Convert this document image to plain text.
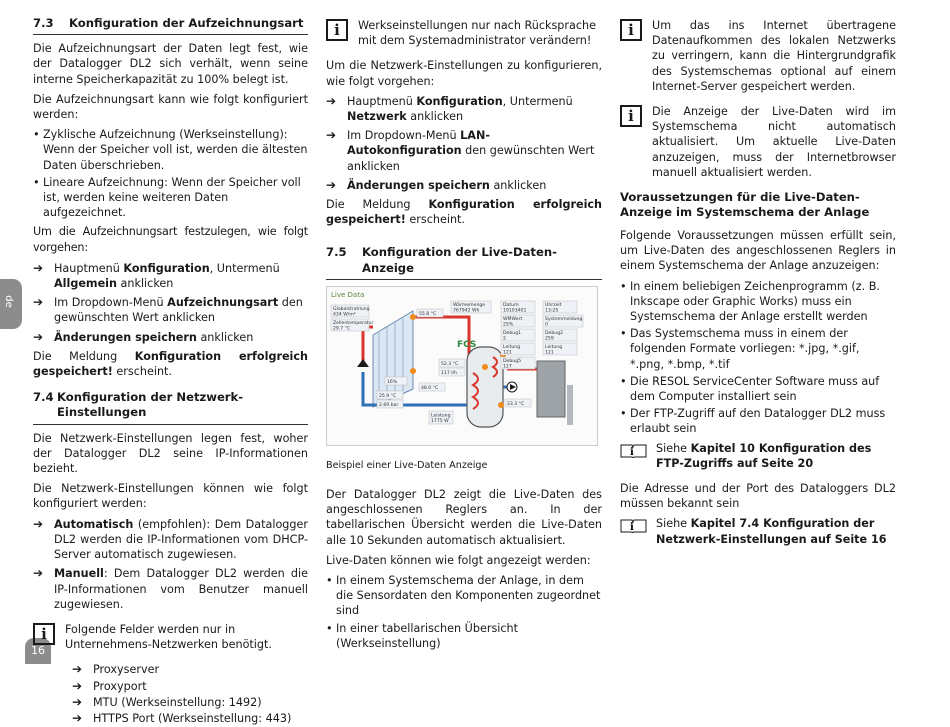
de
16
7.3	Konfiguration der Aufzeichnungsart

Die Aufzeichnungsart der Daten legt fest, wie der Datalogger DL2 sich verhält, wenn seine interne Speicherkapazität zu 100% belegt ist.

Die Aufzeichnungsart kann wie folgt konfiguriert werden:

• Zyklische Aufzeichnung (Werkseinstellung): Wenn der Speicher voll ist, werden die ältesten Daten überschrieben.
• Lineare Aufzeichnung: Wenn der Speicher voll ist, werden keine weiteren Daten aufgezeichnet.

Um die Aufzeichnungsart festzulegen, wie folgt vorgehen:

➔ Hauptmenü Konfiguration, Untermenü Allgemein anklicken
➔ Im Dropdown-Menü Aufzeichnungsart den gewünschten Wert anklicken
➔ Änderungen speichern anklicken

Die Meldung Konfiguration erfolgreich gespeichert! erscheint.

7.4 Konfiguration der Netzwerk-Einstellungen

Die Netzwerk-Einstellungen legen fest, woher der Datalogger DL2 seine IP-Informationen bezieht.

Die Netzwerk-Einstellungen können wie folgt konfiguriert werden:

➔ Automatisch (empfohlen): Dem Datalogger DL2 werden die IP-Informationen vom DHCP-Server automatisch zugewiesen.
➔ Manuell: Dem Datalogger DL2 werden die IP-Informationen vom Benutzer manuell zugewiesen.
i	Folgende Felder werden nur in Unternehmens-Netzwerken benötigt.
➔ Proxyserver
➔ Proxyport
➔ MTU (Werkseinstellung: 1492)
➔ HTTPS Port (Werkseinstellung: 443)
i	Werkseinstellungen nur nach Rücksprache mit dem Systemadministrator verändern!

Um die Netzwerk-Einstellungen zu konfigurieren, wie folgt vorgehen:

➔ Hauptmenü Konfiguration, Untermenü Netzwerk anklicken
➔ Im Dropdown-Menü LAN-Autokonfiguration den gewünschten Wert anklicken
➔ Änderungen speichern anklicken

Die Meldung Konfiguration erfolgreich gespeichert! erscheint.

7.5	Konfiguration der Live-Daten-Anzeige
Live Data
Globalstrahlung
434 W/m²
Zellentemperatur
29.7 °C
Wärmemenge
767942 Wh
Datum
19103401
Uhrzeit
13:25
WMWert
25%
Systemmeldung
0
Debug1
2
Debug2
259
Leitung
121
Leitung
121
Debug5
127
55.8 °C
52.3 °C
117 l/h
16%
48.0 °C
25.9 °C
2.69 bar	23.3 °C
Leistung
1775 W
FCS
Beispiel einer Live-Daten Anzeige

Der Datalogger DL2 zeigt die Live-Daten des angeschlossenen Reglers an. In der tabellarischen Übersicht werden die Live-Daten alle 10 Sekunden automatisch aktualisiert.

Live-Daten können wie folgt angezeigt werden:

• In einem Systemschema der Anlage, in dem die Sensordaten den Komponenten zugeordnet sind
• In einer tabellarischen Übersicht (Werkseinstellung)
i	Um das ins Internet übertragene Datenaufkommen des lokalen Netzwerks zu verringern, kann die Hintergrundgrafik des Systemschemas optional auf einem Internet-Server gespeichert werden.
i	Die Anzeige der Live-Daten wird im Systemschema nicht automatisch aktualisiert. Um aktuelle Live-Daten anzuzeigen, muss der Internetbrowser manuell aktualisiert werden.
Voraussetzungen für die Live-Daten-Anzeige im Systemschema der Anlage

Folgende Voraussetzungen müssen erfüllt sein, um Live-Daten des angeschlossenen Reglers in einem Systemschema der Anlage anzuzeigen:

• In einem beliebigen Zeichenprogramm (z. B. Inkscape oder Graphic Works) muss ein Systemschema der Anlage erstellt werden
• Das Systemschema muss in einem der folgenden Formate vorliegen: *.jpg, *.gif, *.png, *.bmp, *.tif
• Die RESOL ServiceCenter Software muss auf dem Computer installiert sein
• Der FTP-Zugriff auf den Datalogger DL2 muss erlaubt sein
i Siehe Kapitel 10 Konfiguration des FTP-Zugriffs auf Seite 20

Die Adresse und der Port des Dataloggers DL2 müssen bekannt sein

i Siehe Kapitel 7.4 Konfiguration der Netzwerk-Einstellungen auf Seite 16
